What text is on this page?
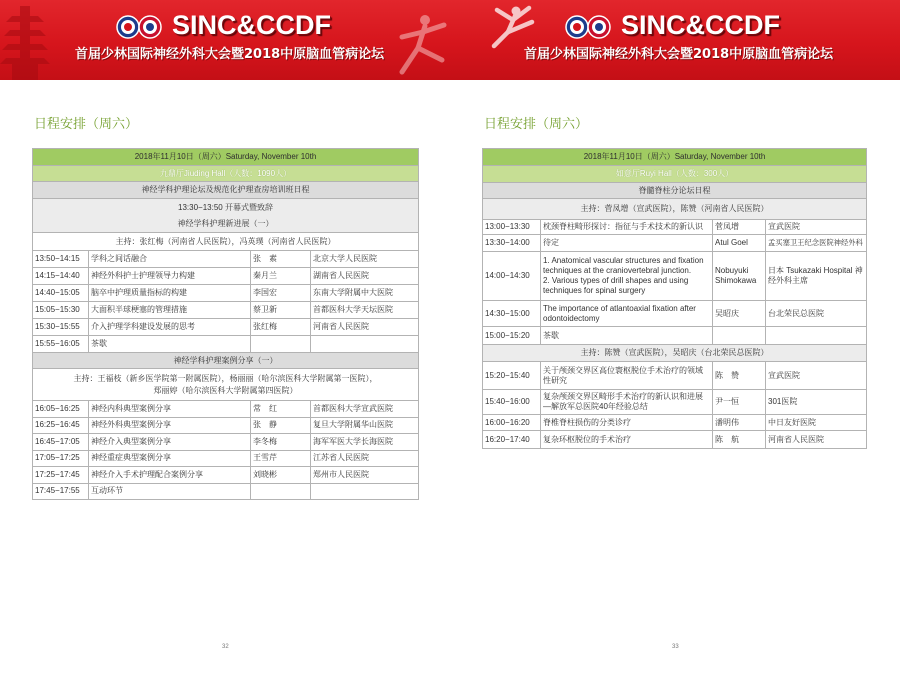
SINC&CCDF
首届少林国际神经外科大会暨2018中原脑血管病论坛
SINC&CCDF
首届少林国际神经外科大会暨2018中原脑血管病论坛
日程安排（周六）
2018年11月10日（周六）Saturday, November 10th			
九鼎厅Jiuding Hall（人数：1090人）			
神经学科护理论坛及规范化护理查房培训班日程			

13:30−13:50 开幕式暨致辞
神经学科护理新进展（一）			

主持：张红梅（河南省人民医院），冯英璞（河南省人民医院）			
13:50−14:15	学科之间话融合	张　素	北京大学人民医院
14:15−14:40	神经外科护士护理领导力构建	秦月兰	湖南省人民医院
14:40−15:05	脑卒中护理质量指标的构建	李国宏	东南大学附属中大医院
15:05−15:30	大面积半球梗塞的管理措施	蔡卫新	首都医科大学天坛医院
15:30−15:55	介入护理学科建设发展的思考	张红梅	河南省人民医院
15:55−16:05	茶歇		
神经学科护理案例分享（一）			

主持：王福枝（新乡医学院第一附属医院），杨丽丽（哈尔滨医科大学附属第一医院），
郑丽婷（哈尔滨医科大学附属第四医院）			

16:05−16:25	神经内科典型案例分享	常　红	首都医科大学宣武医院
16:25−16:45	神经外科典型案例分享	张　静	复旦大学附属华山医院
16:45−17:05	神经介入典型案例分享	李冬梅	海军军医大学长海医院
17:05−17:25	神经重症典型案例分享	王雪芹	江苏省人民医院
17:25−17:45	神经介入手术护理配合案例分享	刘晓彬	郑州市人民医院
17:45−17:55	互动环节		
32
日程安排（周六）
2018年11月10日（周六）Saturday, November 10th			
如意厅Ruyi Hall（人数：300人）			
脊髓脊柱分论坛日程			
主持：菅凤增（宣武医院），陈赞（河南省人民医院）			
13:00−13:30	枕颈脊柱畸形探讨：指征与手术技术的新认识	菅凤增	宣武医院
13:30−14:00	待定	Atul Goel	孟买塞卫王纪念医院神经外科
14:00−14:30	1. Anatomical vascular structures and fixation techniques at the craniovertebral junction.
2. Various types of drill shapes and using techniques for spinal surgery	Nobuyuki Shimokawa	日本 Tsukazaki Hospital 神经外科主席
14:30−15:00	The importance of atlantoaxial fixation after odontoidectomy	吴昭庆	台北荣民总医院
15:00−15:20	茶歇		
主持：陈赞（宣武医院），吴昭庆（台北荣民总医院）			
15:20−15:40	关于颅颈交界区高位寰枢脱位手术治疗的领域性研究	陈　赞	宣武医院
15:40−16:00	复杂颅颈交界区畸形手术治疗的新认识和进展—解放军总医院40年经验总结	尹一恒	301医院
16:00−16:20	脊椎脊柱损伤的分类诊疗	潘明伟	中日友好医院
16:20−17:40	复杂环枢脱位的手术治疗	陈　航	河南省人民医院
33
